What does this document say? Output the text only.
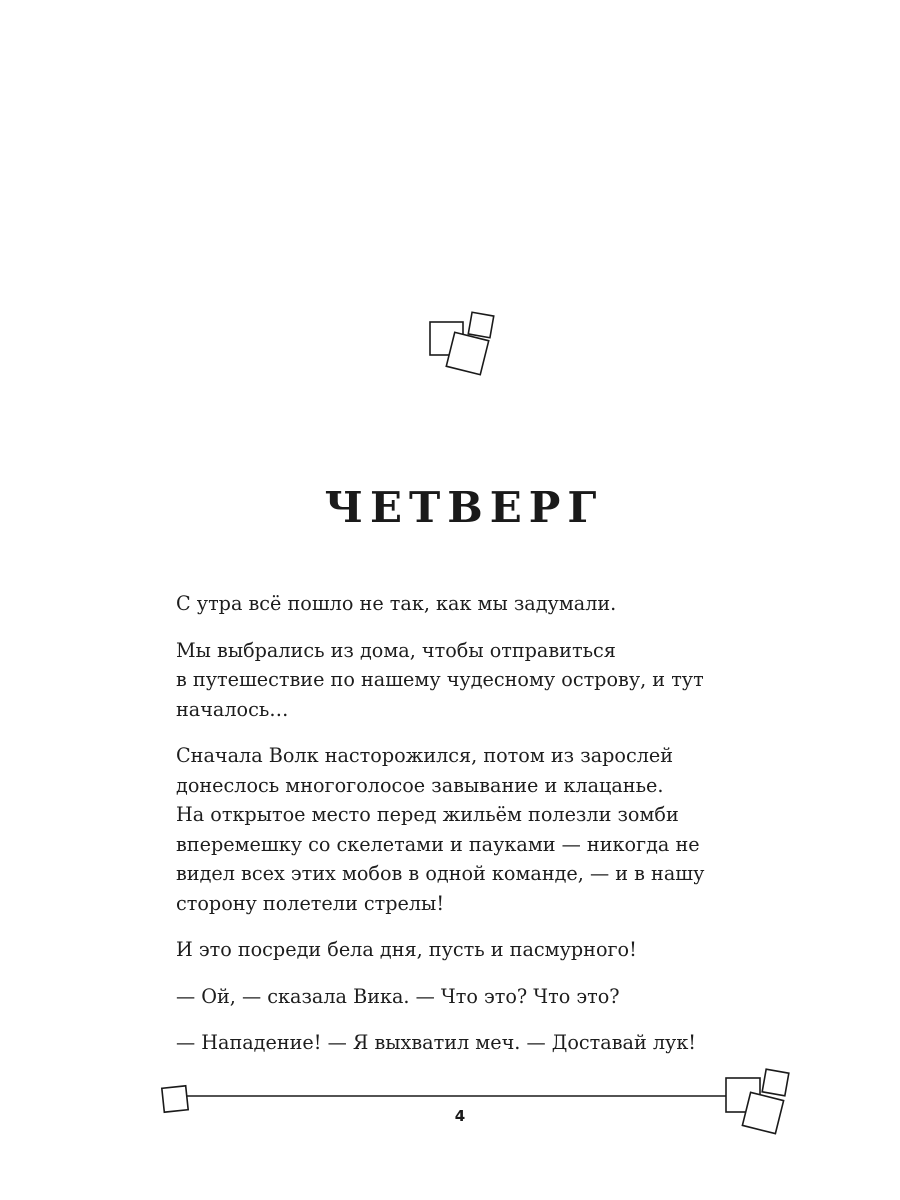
ЧЕТВЕРГ

С утра всё пошло не так, как мы задумали.

Мы выбрались из дома, чтобы отправиться
в путешествие по нашему чудесному острову, и тут
началось…

Сначала Волк насторожился, потом из зарослей
донеслось многоголосое завывание и клацанье.
На открытое место перед жильём полезли зомби
вперемешку со скелетами и пауками — никогда не
видел всех этих мобов в одной команде, — и в нашу
сторону полетели стрелы!

И это посреди бела дня, пусть и пасмурного!

— Ой, — сказала Вика. — Что это? Что это?

— Нападение! — Я выхватил меч. — Доставай лук!

4
